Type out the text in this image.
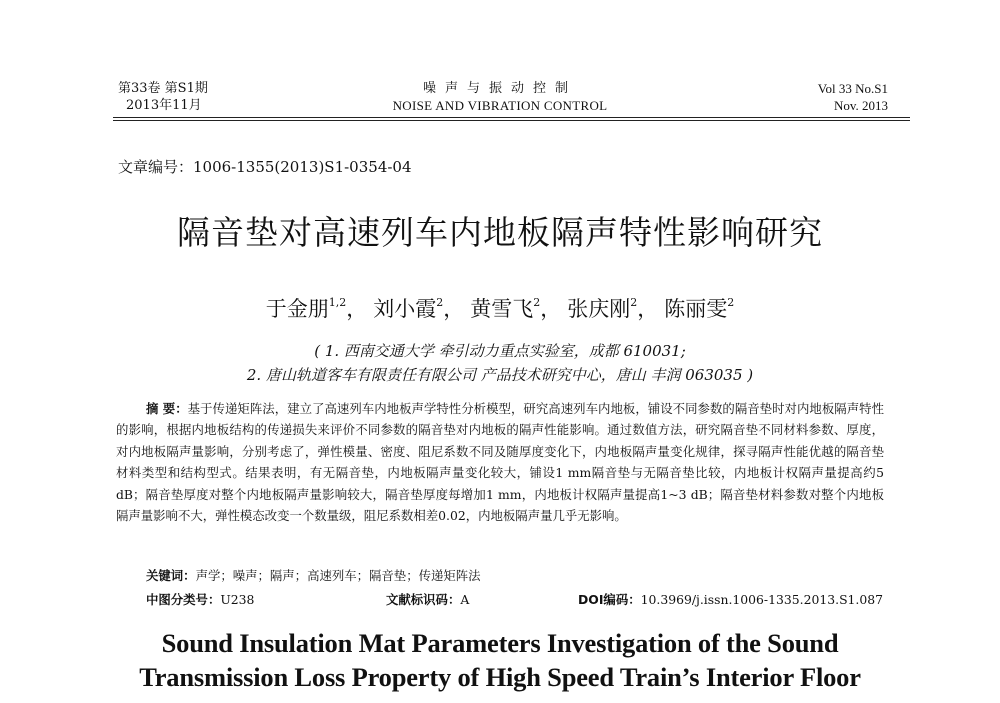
第33卷 第S1期
2013年11月
噪声与振动控制
NOISE AND VIBRATION CONTROL
Vol 33 No.S1
Nov. 2013
文章编号：1006-1355(2013)S1-0354-04
隔音垫对高速列车内地板隔声特性影响研究
于金朋$^{1,2}$， 刘小霞$^2$， 黄雪飞$^2$， 张庆刚$^2$， 陈丽雯$^2$
( 1. 西南交通大学 牵引动力重点实验室，成都 610031;
2. 唐山轨道客车有限责任有限公司 产品技术研究中心，唐山 丰润 063035 )
摘 要：基于传递矩阵法，建立了高速列车内地板声学特性分析模型，研究高速列车内地板，铺设不同参数的隔音垫时对内地板隔声特性的影响，根据内地板结构的传递损失来评价不同参数的隔音垫对内地板的隔声性能影响。通过数值方法，研究隔音垫不同材料参数、厚度，对内地板隔声量影响，分别考虑了，弹性模量、密度、阻尼系数不同及随厚度变化下，内地板隔声量变化规律，探寻隔声性能优越的隔音垫材料类型和结构型式。结果表明，有无隔音垫，内地板隔声量变化较大，铺设1 mm隔音垫与无隔音垫比较，内地板计权隔声量提高约5 dB；隔音垫厚度对整个内地板隔声量影响较大，隔音垫厚度每增加1 mm，内地板计权隔声量提高1~3 dB；隔音垫材料参数对整个内地板隔声量影响不大，弹性模态改变一个数量级，阻尼系数相差0.02，内地板隔声量几乎无影响。
关键词：声学；噪声；隔声；高速列车；隔音垫；传递矩阵法
中图分类号：U238	文献标识码：A	DOI编码：10.3969/j.issn.1006-1335.2013.S1.087
Sound Insulation Mat Parameters Investigation of the Sound
Transmission Loss Property of High Speed Train’s Interior Floor
